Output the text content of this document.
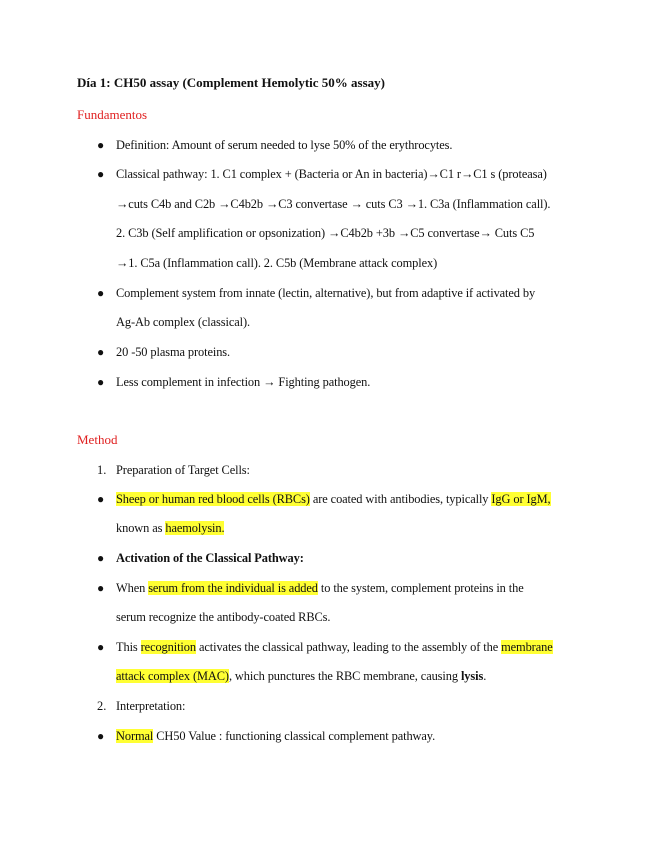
Día 1: CH50 assay (Complement Hemolytic 50% assay)
Fundamentos
● Definition: Amount of serum needed to lyse 50% of the erythrocytes.
● Classical pathway: 1. C1 complex + (Bacteria or An in bacteria)→C1 r→C1 s (proteasa)
→cuts C4b and C2b →C4b2b →C3 convertase → cuts C3 →1. C3a (Inflammation call).
2. C3b (Self amplification or opsonization) →C4b2b +3b →C5 convertase→ Cuts C5
→1. C5a (Inflammation call). 2. C5b (Membrane attack complex)
● Complement system from innate (lectin, alternative), but from adaptive if activated by
Ag-Ab complex (classical).
● 20 -50 plasma proteins.
● Less complement in infection → Fighting pathogen.
Method
1. Preparation of Target Cells:
● Sheep or human red blood cells (RBCs) are coated with antibodies, typically IgG or IgM,
known as haemolysin.
● Activation of the Classical Pathway:
● When serum from the individual is added to the system, complement proteins in the
serum recognize the antibody-coated RBCs.
● This recognition activates the classical pathway, leading to the assembly of the membrane
attack complex (MAC), which punctures the RBC membrane, causing lysis.
2. Interpretation:
● Normal CH50 Value : functioning classical complement pathway.
